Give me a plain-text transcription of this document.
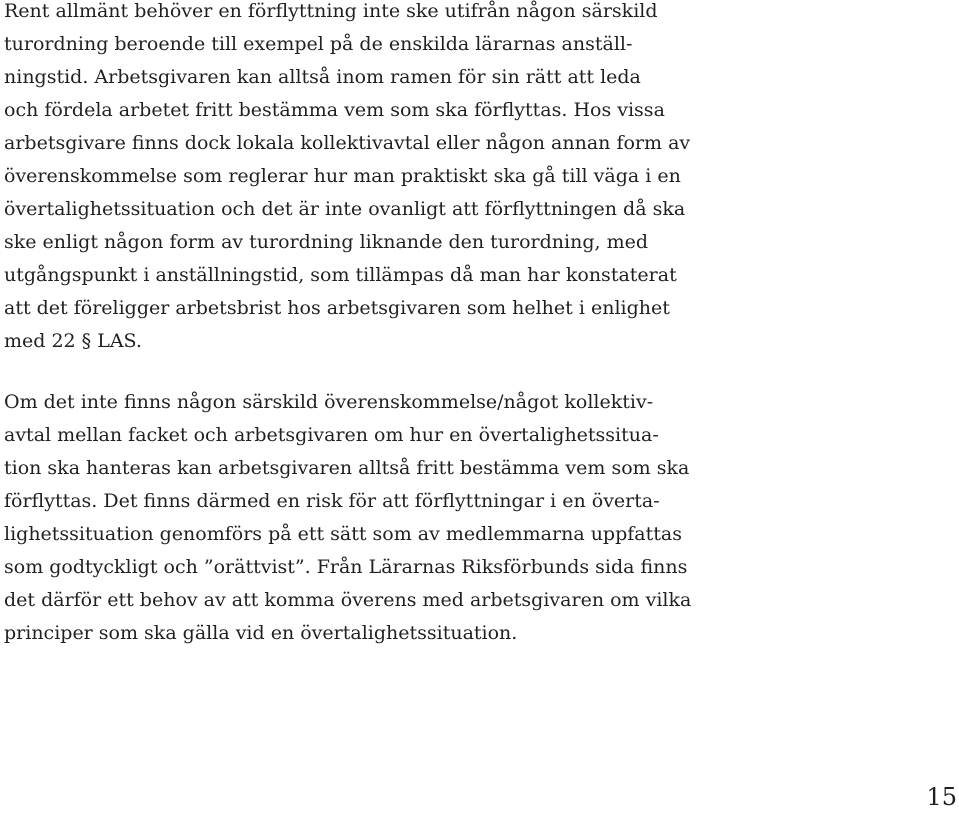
Rent allmänt behöver en förflyttning inte ske utifrån någon särskild
turordning beroende till exempel på de enskilda lärarnas anställ-
ningstid. Arbetsgivaren kan alltså inom ramen för sin rätt att leda
och fördela arbetet fritt bestämma vem som ska förflyttas. Hos vissa
arbetsgivare finns dock lokala kollektivavtal eller någon annan form av
överenskommelse som reglerar hur man praktiskt ska gå till väga i en
övertalighetssituation och det är inte ovanligt att förflyttningen då ska
ske enligt någon form av turordning liknande den turordning, med
utgångspunkt i anställningstid, som tillämpas då man har konstaterat
att det föreligger arbetsbrist hos arbetsgivaren som helhet i enlighet
med 22 § LAS.

Om det inte finns någon särskild överenskommelse/något kollektiv-
avtal mellan facket och arbetsgivaren om hur en övertalighetssitua-
tion ska hanteras kan arbetsgivaren alltså fritt bestämma vem som ska
förflyttas. Det finns därmed en risk för att förflyttningar i en överta-
lighetssituation genomförs på ett sätt som av medlemmarna uppfattas
som godtyckligt och ”orättvist”. Från Lärarnas Riksförbunds sida finns
det därför ett behov av att komma överens med arbetsgivaren om vilka
principer som ska gälla vid en övertalighetssituation.

15
